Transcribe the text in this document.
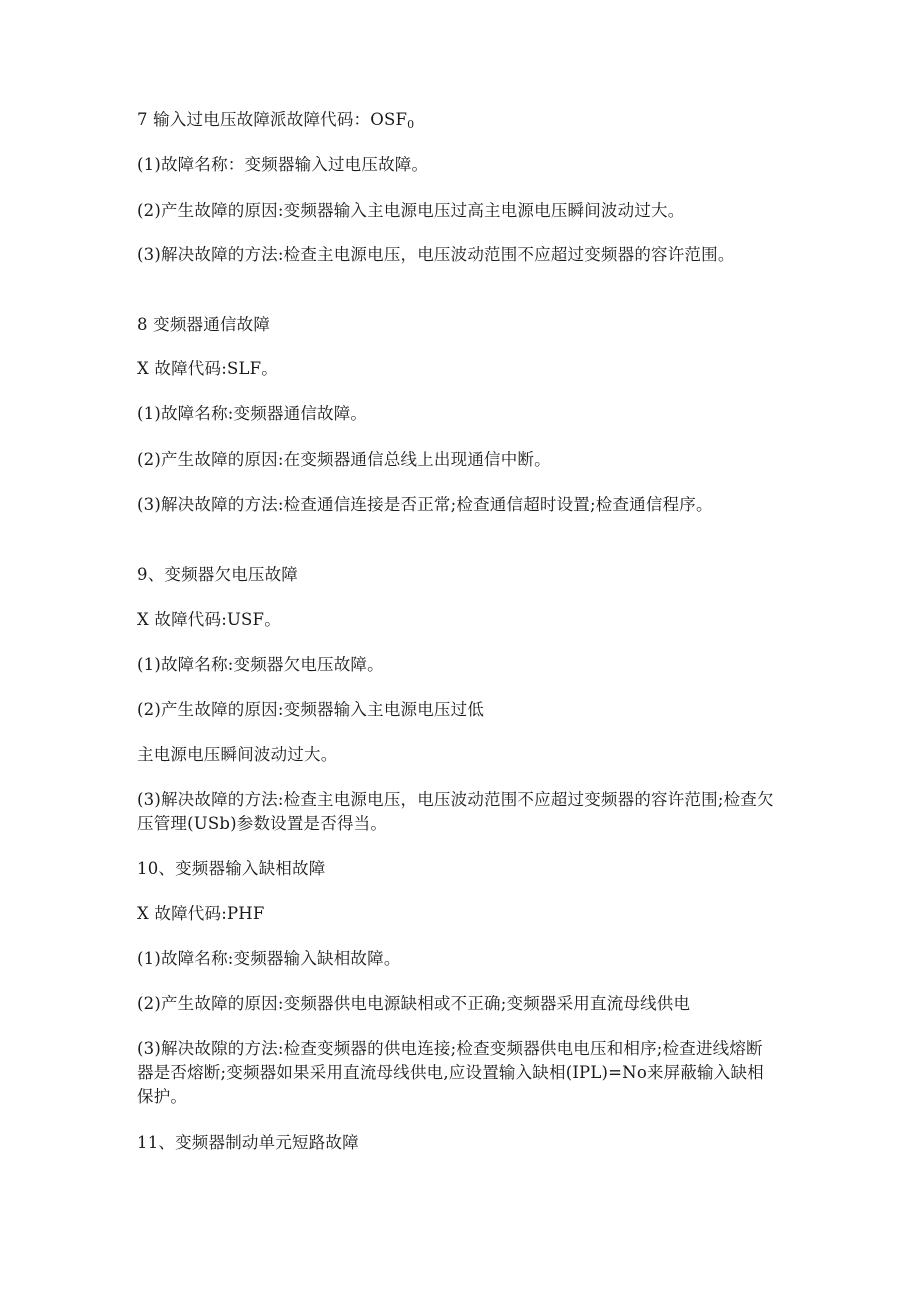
7 输入过电压故障派故障代码：$OSF_0$

(1)故障名称：变频器输入过电压故障。

(2)产生故障的原因:变频器输入主电源电压过高主电源电压瞬间波动过大。

(3)解决故障的方法:检查主电源电压，电压波动范围不应超过变频器的容许范围。

8 变频器通信故障

X 故障代码:SLF。

(1)故障名称:变频器通信故障。

(2)产生故障的原因:在变频器通信总线上出现通信中断。

(3)解决故障的方法:检查通信连接是否正常;检查通信超时设置;检查通信程序。

9、变频器欠电压故障

X 故障代码:USF。

(1)故障名称:变频器欠电压故障。

(2)产生故障的原因:变频器输入主电源电压过低

主电源电压瞬间波动过大。

(3)解决故障的方法:检查主电源电压，电压波动范围不应超过变频器的容许范围;检查欠压管理(USb)参数设置是否得当。

10、变频器输入缺相故障

X 故障代码:PHF

(1)故障名称:变频器输入缺相故障。

(2)产生故障的原因:变频器供电电源缺相或不正确;变频器采用直流母线供电

(3)解决故隙的方法:检查变频器的供电连接;检查变频器供电电压和相序;检查进线熔断器是否熔断;变频器如果采用直流母线供电,应设置输入缺相(IPL)=No来屏蔽输入缺相保护。

11、变频器制动单元短路故障
